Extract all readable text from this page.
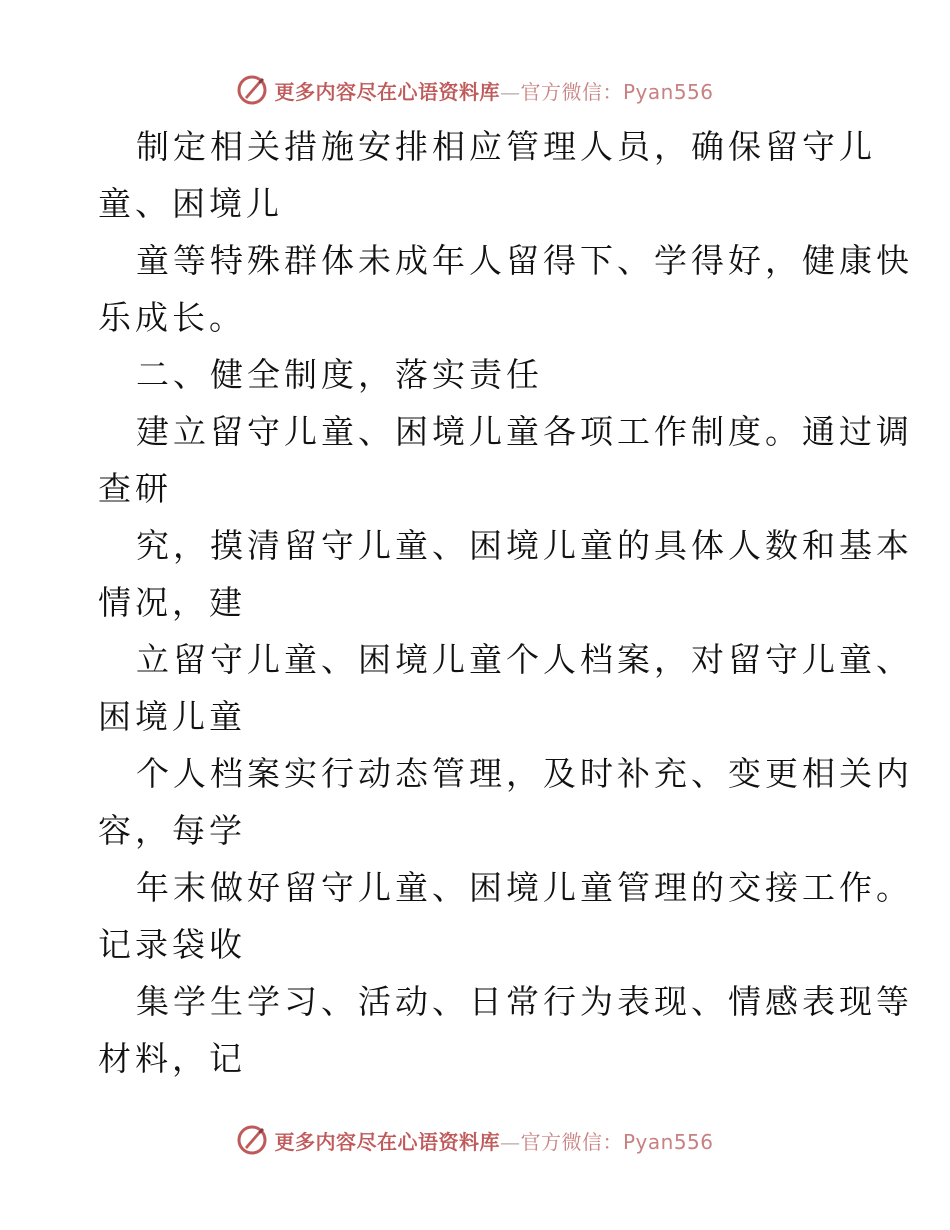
更多内容尽在心语资料库—官方微信：Pyan556
制定相关措施安排相应管理人员，确保留守儿
童、困境儿
童等特殊群体未成年人留得下、学得好，健康快
乐成长。
二、健全制度，落实责任
建立留守儿童、困境儿童各项工作制度。通过调
查研
究，摸清留守儿童、困境儿童的具体人数和基本
情况，建
立留守儿童、困境儿童个人档案，对留守儿童、
困境儿童
个人档案实行动态管理，及时补充、变更相关内
容，每学
年末做好留守儿童、困境儿童管理的交接工作。
记录袋收
集学生学习、活动、日常行为表现、情感表现等
材料，记
更多内容尽在心语资料库—官方微信：Pyan556
